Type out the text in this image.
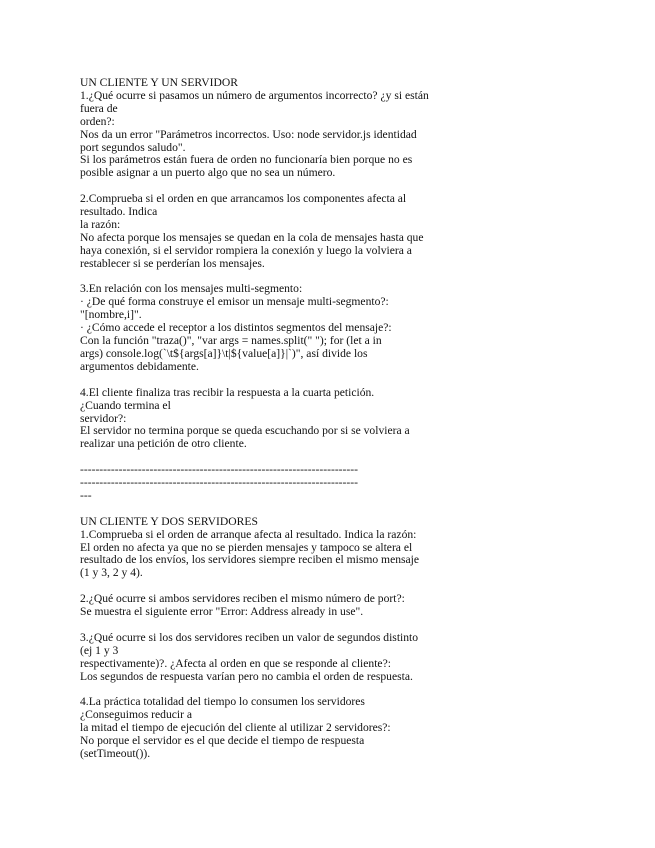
UN CLIENTE Y UN SERVIDOR
1.¿Qué ocurre si pasamos un número de argumentos incorrecto? ¿y si están
fuera de
orden?:
Nos da un error "Parámetros incorrectos. Uso: node servidor.js identidad
port segundos saludo".
Si los parámetros están fuera de orden no funcionaría bien porque no es
posible asignar a un puerto algo que no sea un número.
2.Comprueba si el orden en que arrancamos los componentes afecta al
resultado. Indica
la razón:
No afecta porque los mensajes se quedan en la cola de mensajes hasta que
haya conexión, si el servidor rompiera la conexión y luego la volviera a
restablecer si se perderían los mensajes.
3.En relación con los mensajes multi-segmento:
· ¿De qué forma construye el emisor un mensaje multi-segmento?:
"[nombre,i]".
· ¿Cómo accede el receptor a los distintos segmentos del mensaje?:
Con la función "traza()", "var args = names.split(" "); for (let a in
args) console.log(`\t${args[a]}\t|${value[a]}|`)", así divide los
argumentos debidamente.
4.El cliente finaliza tras recibir la respuesta a la cuarta petición.
¿Cuando termina el
servidor?:
El servidor no termina porque se queda escuchando por si se volviera a
realizar una petición de otro cliente.
------------------------------------------------------------------------
------------------------------------------------------------------------
---
UN CLIENTE Y DOS SERVIDORES
1.Comprueba si el orden de arranque afecta al resultado. Indica la razón:
El orden no afecta ya que no se pierden mensajes y tampoco se altera el
resultado de los envíos, los servidores siempre reciben el mismo mensaje
(1 y 3, 2 y 4).
2.¿Qué ocurre si ambos servidores reciben el mismo número de port?:
Se muestra el siguiente error "Error: Address already in use".
3.¿Qué ocurre si los dos servidores reciben un valor de segundos distinto
(ej 1 y 3
respectivamente)?. ¿Afecta al orden en que se responde al cliente?:
Los segundos de respuesta varían pero no cambia el orden de respuesta.
4.La práctica totalidad del tiempo lo consumen los servidores
¿Conseguimos reducir a
la mitad el tiempo de ejecución del cliente al utilizar 2 servidores?:
No porque el servidor es el que decide el tiempo de respuesta
(setTimeout()).
